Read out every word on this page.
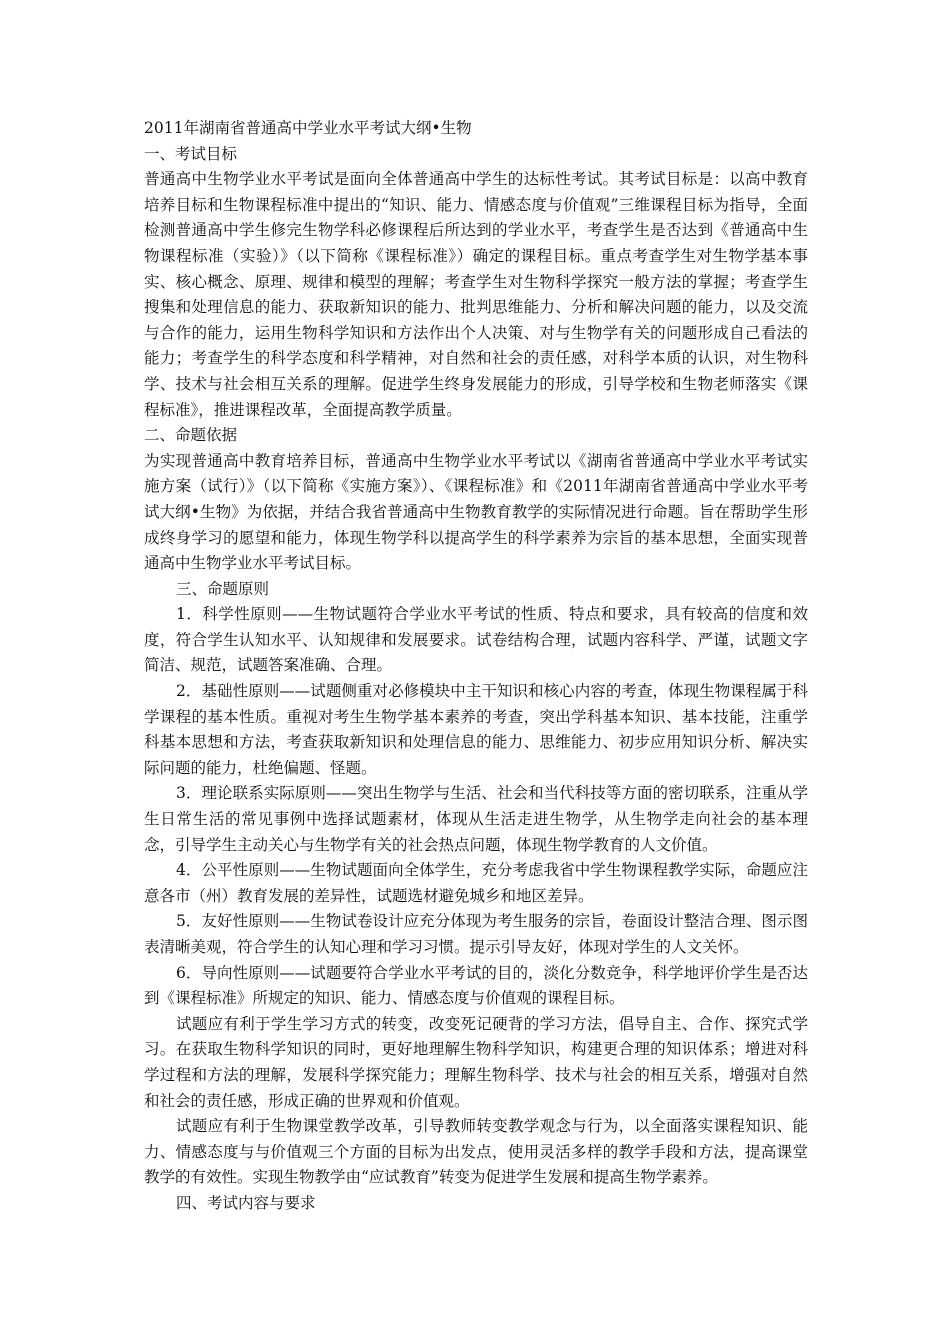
2011年湖南省普通高中学业水平考试大纲•生物

一、考试目标

普通高中生物学业水平考试是面向全体普通高中学生的达标性考试。其考试目标是：以高中教育培养目标和生物课程标准中提出的“知识、能力、情感态度与价值观”三维课程目标为指导，全面检测普通高中学生修完生物学科必修课程后所达到的学业水平，考查学生是否达到《普通高中生物课程标准（实验）》（以下简称《课程标准》）确定的课程目标。重点考查学生对生物学基本事实、核心概念、原理、规律和模型的理解；考查学生对生物科学探究一般方法的掌握；考查学生搜集和处理信息的能力、获取新知识的能力、批判思维能力、分析和解决问题的能力，以及交流与合作的能力，运用生物科学知识和方法作出个人决策、对与生物学有关的问题形成自己看法的能力；考查学生的科学态度和科学精神，对自然和社会的责任感，对科学本质的认识，对生物科学、技术与社会相互关系的理解。促进学生终身发展能力的形成，引导学校和生物老师落实《课程标准》，推进课程改革，全面提高教学质量。

二、命题依据

为实现普通高中教育培养目标，普通高中生物学业水平考试以《湖南省普通高中学业水平考试实施方案（试行）》（以下简称《实施方案》）、《课程标准》和《2011年湖南省普通高中学业水平考试大纲•生物》为依据，并结合我省普通高中生物教育教学的实际情况进行命题。旨在帮助学生形成终身学习的愿望和能力，体现生物学科以提高学生的科学素养为宗旨的基本思想，全面实现普通高中生物学业水平考试目标。

三、命题原则

1．科学性原则——生物试题符合学业水平考试的性质、特点和要求，具有较高的信度和效度，符合学生认知水平、认知规律和发展要求。试卷结构合理，试题内容科学、严谨，试题文字简洁、规范，试题答案准确、合理。

2．基础性原则——试题侧重对必修模块中主干知识和核心内容的考查，体现生物课程属于科学课程的基本性质。重视对考生生物学基本素养的考查，突出学科基本知识、基本技能，注重学科基本思想和方法，考查获取新知识和处理信息的能力、思维能力、初步应用知识分析、解决实际问题的能力，杜绝偏题、怪题。

3．理论联系实际原则——突出生物学与生活、社会和当代科技等方面的密切联系，注重从学生日常生活的常见事例中选择试题素材，体现从生活走进生物学，从生物学走向社会的基本理念，引导学生主动关心与生物学有关的社会热点问题，体现生物学教育的人文价值。

4．公平性原则——生物试题面向全体学生，充分考虑我省中学生物课程教学实际，命题应注意各市（州）教育发展的差异性，试题选材避免城乡和地区差异。

5．友好性原则——生物试卷设计应充分体现为考生服务的宗旨，卷面设计整洁合理、图示图表清晰美观，符合学生的认知心理和学习习惯。提示引导友好，体现对学生的人文关怀。

6．导向性原则——试题要符合学业水平考试的目的，淡化分数竞争，科学地评价学生是否达到《课程标准》所规定的知识、能力、情感态度与价值观的课程目标。

试题应有利于学生学习方式的转变，改变死记硬背的学习方法，倡导自主、合作、探究式学习。在获取生物科学知识的同时，更好地理解生物科学知识，构建更合理的知识体系；增进对科学过程和方法的理解，发展科学探究能力；理解生物科学、技术与社会的相互关系，增强对自然和社会的责任感，形成正确的世界观和价值观。

试题应有利于生物课堂教学改革，引导教师转变教学观念与行为，以全面落实课程知识、能力、情感态度与与价值观三个方面的目标为出发点，使用灵活多样的教学手段和方法，提高课堂教学的有效性。实现生物教学由“应试教育”转变为促进学生发展和提高生物学素养。

四、考试内容与要求
